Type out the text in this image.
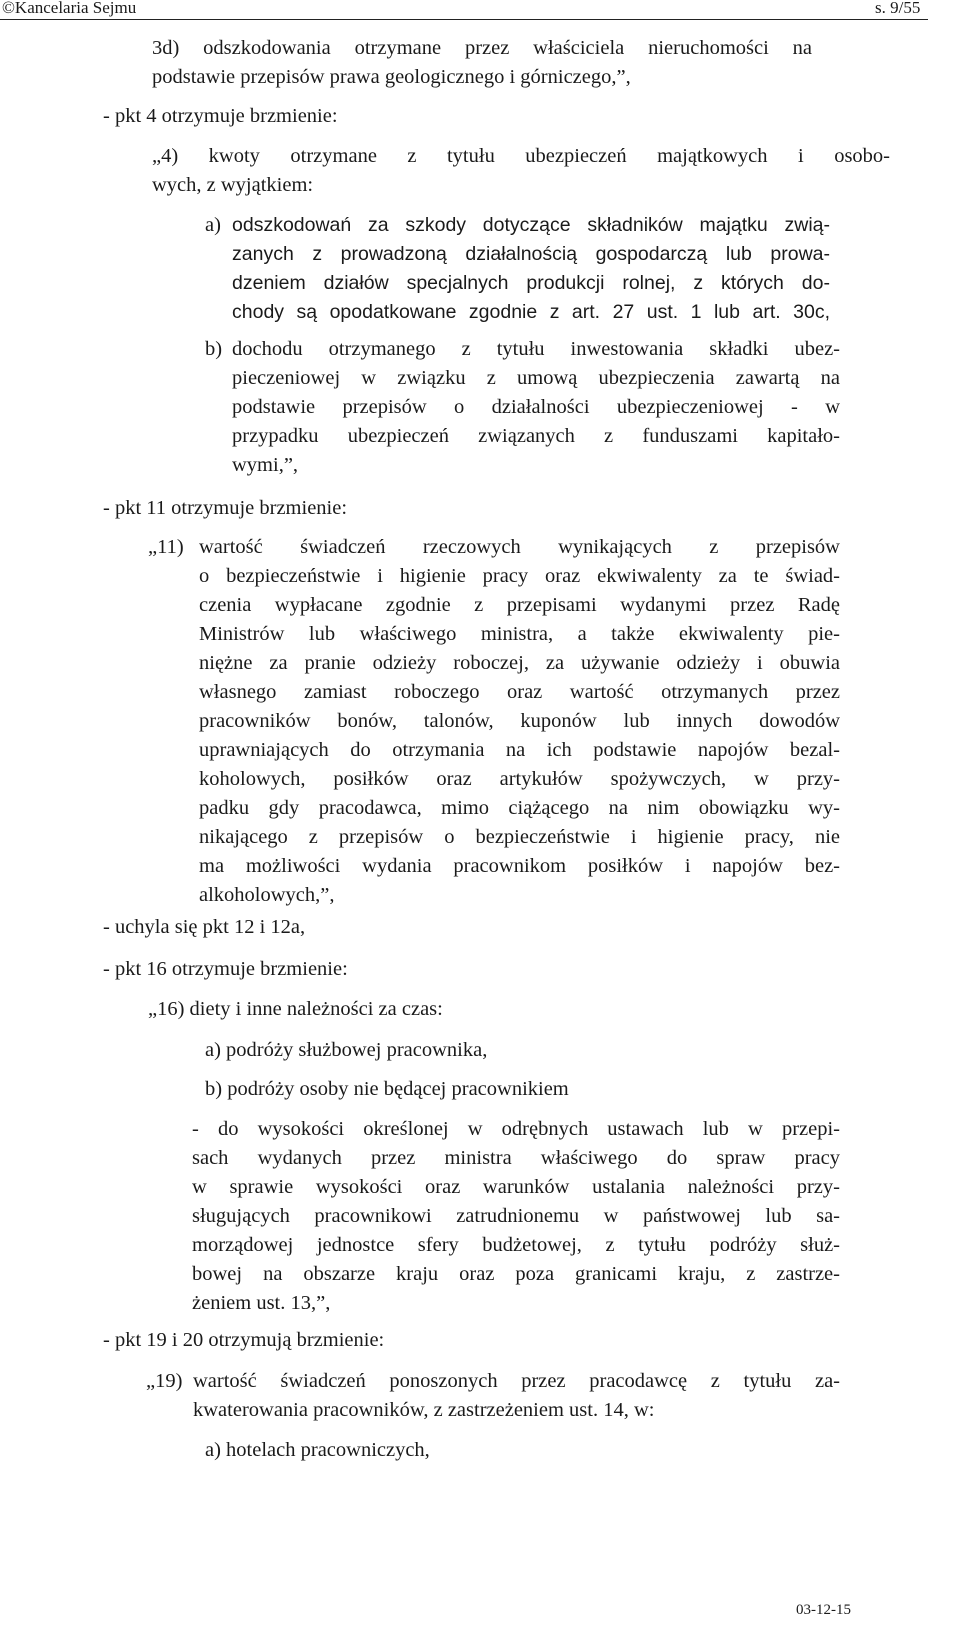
©Kancelaria Sejmu	s. 9/55
3d) odszkodowania otrzymane przez właściciela nieruchomości na
podstawie przepisów prawa geologicznego i górniczego,”,
- pkt 4 otrzymuje brzmienie:
„4) kwoty otrzymane z tytułu ubezpieczeń majątkowych i osobo-
wych, z wyjątkiem:
a) odszkodowań za szkody dotyczące składników majątku zwią-
zanych z prowadzoną działalnością gospodarczą lub prowa-
dzeniem działów specjalnych produkcji rolnej, z których do-
chody są opodatkowane zgodnie z art. 27 ust. 1 lub art. 30c,
b) dochodu otrzymanego z tytułu inwestowania składki ubez-
pieczeniowej w związku z umową ubezpieczenia zawartą na
podstawie przepisów o działalności ubezpieczeniowej - w
przypadku ubezpieczeń związanych z funduszami kapitało-
wymi,”,
- pkt 11 otrzymuje brzmienie:
„11) wartość świadczeń rzeczowych wynikających z przepisów
o bezpieczeństwie i higienie pracy oraz ekwiwalenty za te świad-
czenia wypłacane zgodnie z przepisami wydanymi przez Radę
Ministrów lub właściwego ministra, a także ekwiwalenty pie-
niężne za pranie odzieży roboczej, za używanie odzieży i obuwia
własnego zamiast roboczego oraz wartość otrzymanych przez
pracowników bonów, talonów, kuponów lub innych dowodów
uprawniających do otrzymania na ich podstawie napojów bezal-
koholowych, posiłków oraz artykułów spożywczych, w przy-
padku gdy pracodawca, mimo ciążącego na nim obowiązku wy-
nikającego z przepisów o bezpieczeństwie i higienie pracy, nie
ma możliwości wydania pracownikom posiłków i napojów bez-
alkoholowych,”,
- uchyla się pkt 12 i 12a,
- pkt 16 otrzymuje brzmienie:
„16) diety i inne należności za czas:
a) podróży służbowej pracownika,
b) podróży osoby nie będącej pracownikiem
- do wysokości określonej w odrębnych ustawach lub w przepi-
sach wydanych przez ministra właściwego do spraw pracy
w sprawie wysokości oraz warunków ustalania należności przy-
sługujących pracownikowi zatrudnionemu w państwowej lub sa-
morządowej jednostce sfery budżetowej, z tytułu podróży służ-
bowej na obszarze kraju oraz poza granicami kraju, z zastrze-
żeniem ust. 13,”,
- pkt 19 i 20 otrzymują brzmienie:
„19) wartość świadczeń ponoszonych przez pracodawcę z tytułu za-
kwaterowania pracowników, z zastrzeżeniem ust. 14, w:
a) hotelach pracowniczych,
03-12-15
